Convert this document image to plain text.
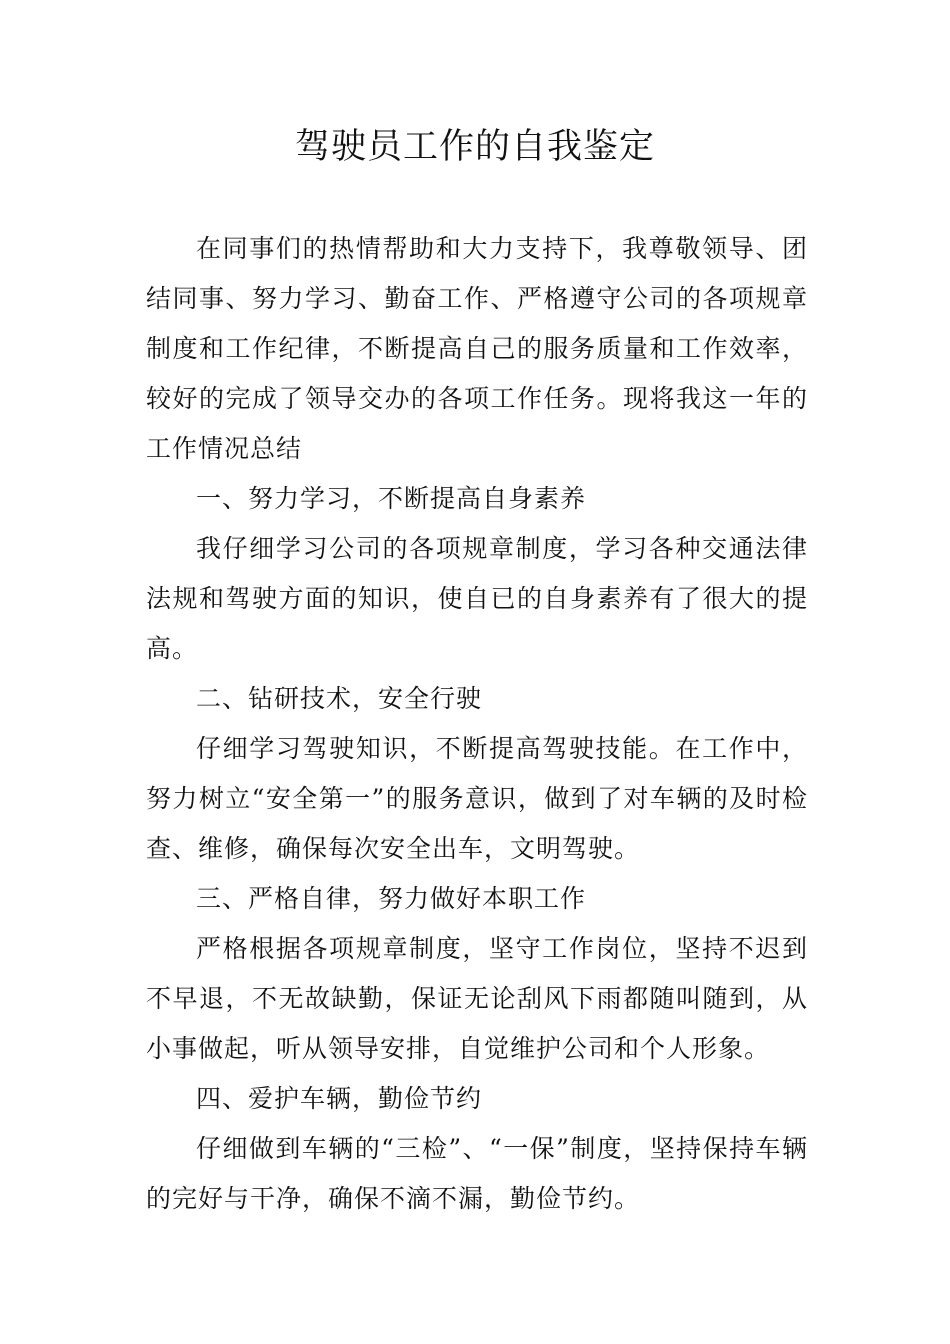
驾驶员工作的自我鉴定

在同事们的热情帮助和大力支持下，我尊敬领导、团结同事、努力学习、勤奋工作、严格遵守公司的各项规章制度和工作纪律，不断提高自己的服务质量和工作效率，较好的完成了领导交办的各项工作任务。现将我这一年的工作情况总结

一、努力学习，不断提高自身素养

我仔细学习公司的各项规章制度，学习各种交通法律法规和驾驶方面的知识，使自已的自身素养有了很大的提高。

二、钻研技术，安全行驶

仔细学习驾驶知识，不断提高驾驶技能。在工作中，努力树立“安全第一”的服务意识，做到了对车辆的及时检查、维修，确保每次安全出车，文明驾驶。

三、严格自律，努力做好本职工作

严格根据各项规章制度，坚守工作岗位，坚持不迟到不早退，不无故缺勤，保证无论刮风下雨都随叫随到，从小事做起，听从领导安排，自觉维护公司和个人形象。

四、爱护车辆，勤俭节约

仔细做到车辆的“三检”、“一保”制度，坚持保持车辆的完好与干净，确保不滴不漏，勤俭节约。
